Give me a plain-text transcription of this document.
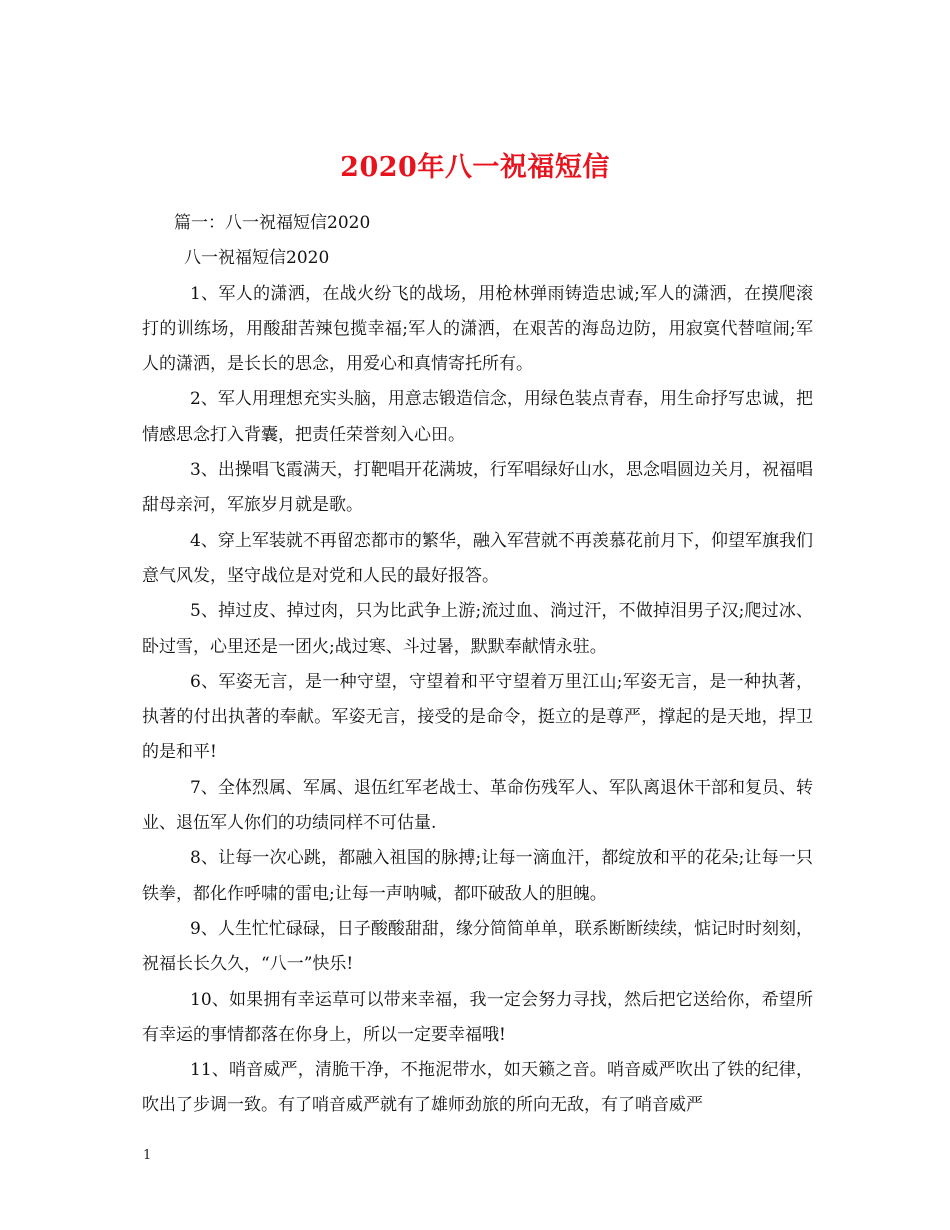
2020年八一祝福短信

篇一：八一祝福短信2020

八一祝福短信2020

1、军人的潇洒，在战火纷飞的战场，用枪林弹雨铸造忠诚;军人的潇洒，在摸爬滚打的训练场，用酸甜苦辣包揽幸福;军人的潇洒，在艰苦的海岛边防，用寂寞代替喧闹;军人的潇洒，是长长的思念，用爱心和真情寄托所有。

2、军人用理想充实头脑，用意志锻造信念，用绿色装点青春，用生命抒写忠诚，把情感思念打入背囊，把责任荣誉刻入心田。

3、出操唱飞霞满天，打靶唱开花满坡，行军唱绿好山水，思念唱圆边关月，祝福唱甜母亲河，军旅岁月就是歌。

4、穿上军装就不再留恋都市的繁华，融入军营就不再羡慕花前月下，仰望军旗我们意气风发，坚守战位是对党和人民的最好报答。

5、掉过皮、掉过肉，只为比武争上游;流过血、淌过汗，不做掉泪男子汉;爬过冰、卧过雪，心里还是一团火;战过寒、斗过暑，默默奉献情永驻。

6、军姿无言，是一种守望，守望着和平守望着万里江山;军姿无言，是一种执著，执著的付出执著的奉献。军姿无言，接受的是命令，挺立的是尊严，撑起的是天地，捍卫的是和平!

7、全体烈属、军属、退伍红军老战士、革命伤残军人、军队离退休干部和复员、转业、退伍军人你们的功绩同样不可估量.

8、让每一次心跳，都融入祖国的脉搏;让每一滴血汗，都绽放和平的花朵;让每一只铁拳，都化作呼啸的雷电;让每一声呐喊，都吓破敌人的胆魄。

9、人生忙忙碌碌，日子酸酸甜甜，缘分简简单单，联系断断续续，惦记时时刻刻，祝福长长久久，“八一”快乐!

10、如果拥有幸运草可以带来幸福，我一定会努力寻找，然后把它送给你，希望所有幸运的事情都落在你身上，所以一定要幸福哦!

11、哨音威严，清脆干净，不拖泥带水，如天籁之音。哨音威严吹出了铁的纪律，吹出了步调一致。有了哨音威严就有了雄师劲旅的所向无敌，有了哨音威严

1
